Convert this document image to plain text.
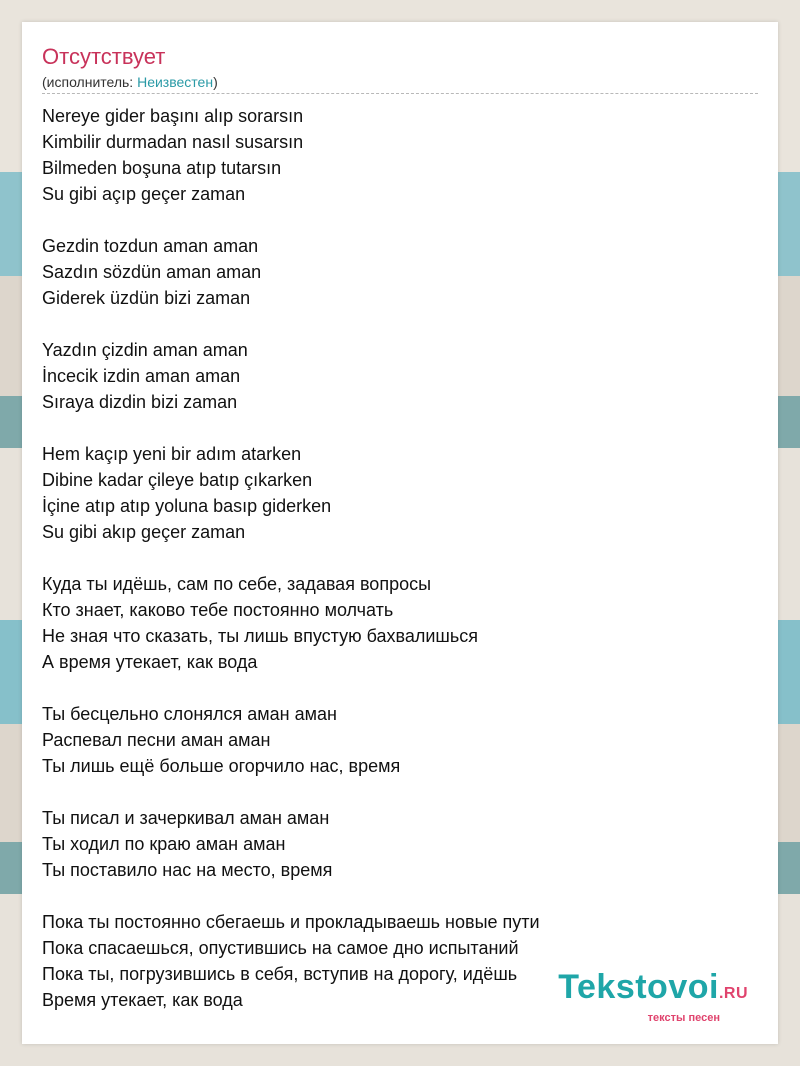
Отсутствует
(исполнитель: Неизвестен)
Nereye gider başını alıp sorarsın
Kimbilir durmadan nasıl susarsın
Bilmeden boşuna atıp tutarsın
Su gibi açıp geçer zaman
Gezdin tozdun aman aman
Sazdın sözdün aman aman
Giderek üzdün bizi zaman
Yazdın çizdin aman aman
İncecik izdin aman aman
Sıraya dizdin bizi zaman
Hem kaçıp yeni bir adım atarken
Dibine kadar çileye batıp çıkarken
İçine atıp atıp yoluna basıp giderken
Su gibi akıp geçer zaman
Куда ты идёшь, сам по себе, задавая вопросы
Кто знает, каково тебе постоянно молчать
Не зная что сказать, ты лишь впустую бахвалишься
А время утекает, как вода
Ты бесцельно слонялся аман аман
Распевал песни аман аман
Ты лишь ещё больше огорчило нас, время
Ты писал и зачеркивал аман аман
Ты ходил по краю аман аман
Ты поставило нас на место, время
Пока ты постоянно сбегаешь и прокладываешь новые пути
Пока спасаешься, опустившись на самое дно испытаний
Пока ты, погрузившись в себя, вступив на дорогу, идёшь
Время утекает, как вода	Tekstovoi.RU
тексты песен
